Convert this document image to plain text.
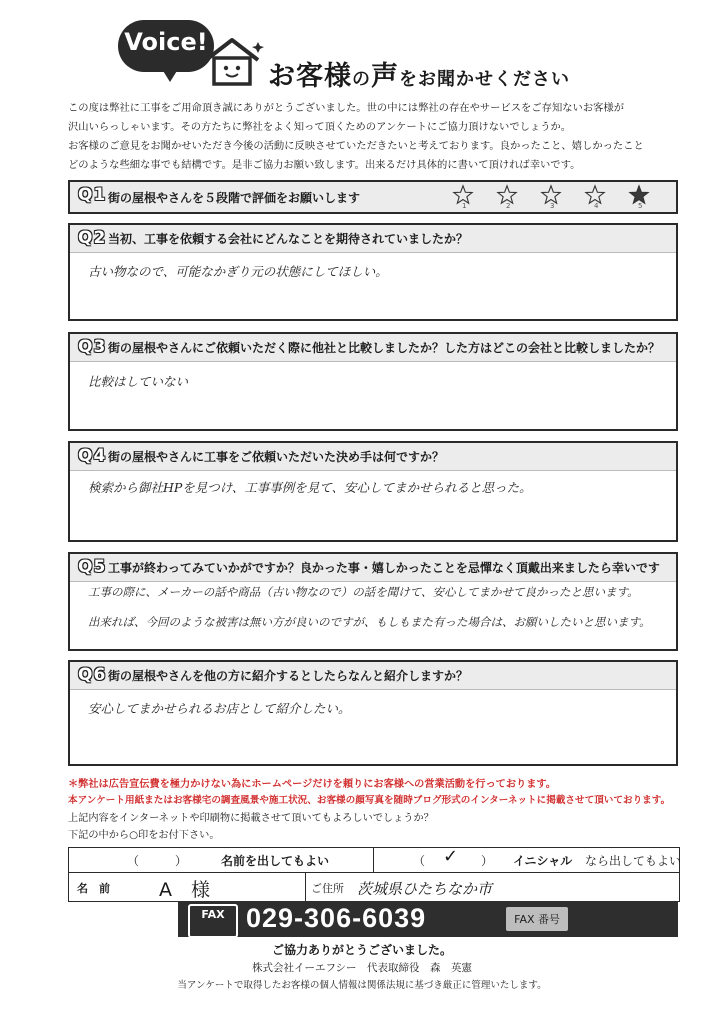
Voice!
お客様の声をお聞かせください
この度は弊社に工事をご用命頂き誠にありがとうございました。世の中には弊社の存在やサービスをご存知ないお客様が
沢山いらっしゃいます。その方たちに弊社をよく知って頂くためのアンケートにご協力頂けないでしょうか。
お客様のご意見をお聞かせいただき今後の活動に反映させていただきたいと考えております。良かったこと、嬉しかったこと
どのような些細な事でも結構です。是非ご協力お願い致します。出来るだけ具体的に書いて頂ければ幸いです。
Q1 街の屋根やさんを５段階で評価をお願いします
1	2	3	4	5
Q2 当初、工事を依頼する会社にどんなことを期待されていましたか？
古い物なので、可能なかぎり元の状態にしてほしい。
Q3 街の屋根やさんにご依頼いただく際に他社と比較しましたか？した方はどこの会社と比較しましたか？
比較はしていない
Q4 街の屋根やさんに工事をご依頼いただいた決め手は何ですか？
検索から御社HPを見つけ、工事事例を見て、安心してまかせられると思った。
Q5 工事が終わってみていかがですか？良かった事・嬉しかったことを忌憚なく頂戴出来ましたら幸いです
工事の際に、メーカーの話や商品（古い物なので）の話を聞けて、安心してまかせて良かったと思います。
出来れば、今回のような被害は無い方が良いのですが、もしもまた有った場合は、お願いしたいと思います。
Q6 街の屋根やさんを他の方に紹介するとしたらなんと紹介しますか？
安心してまかせられるお店として紹介したい。
＊弊社は広告宣伝費を極力かけない為にホームページだけを頼りにお客様への営業活動を行っております。
本アンケート用紙またはお客様宅の調査風景や施工状況、お客様の顔写真を随時ブログ形式のインターネットに掲載させて頂いております。
上記内容をインターネットや印刷物に掲載させて頂いてもよろしいでしょうか？
下記の中から○印をお付下さい。
（　　　）	名前を出してもよい	（ ✓ ） イニシャル なら出してもよい
名　前	A　様	ご住所 茨城県ひたちなか市
FAX 029-306-6039	FAX 番号
ご協力ありがとうございました。
株式会社イーエフシー　代表取締役　森　英憲
当アンケートで取得したお客様の個人情報は関係法規に基づき厳正に管理いたします。
